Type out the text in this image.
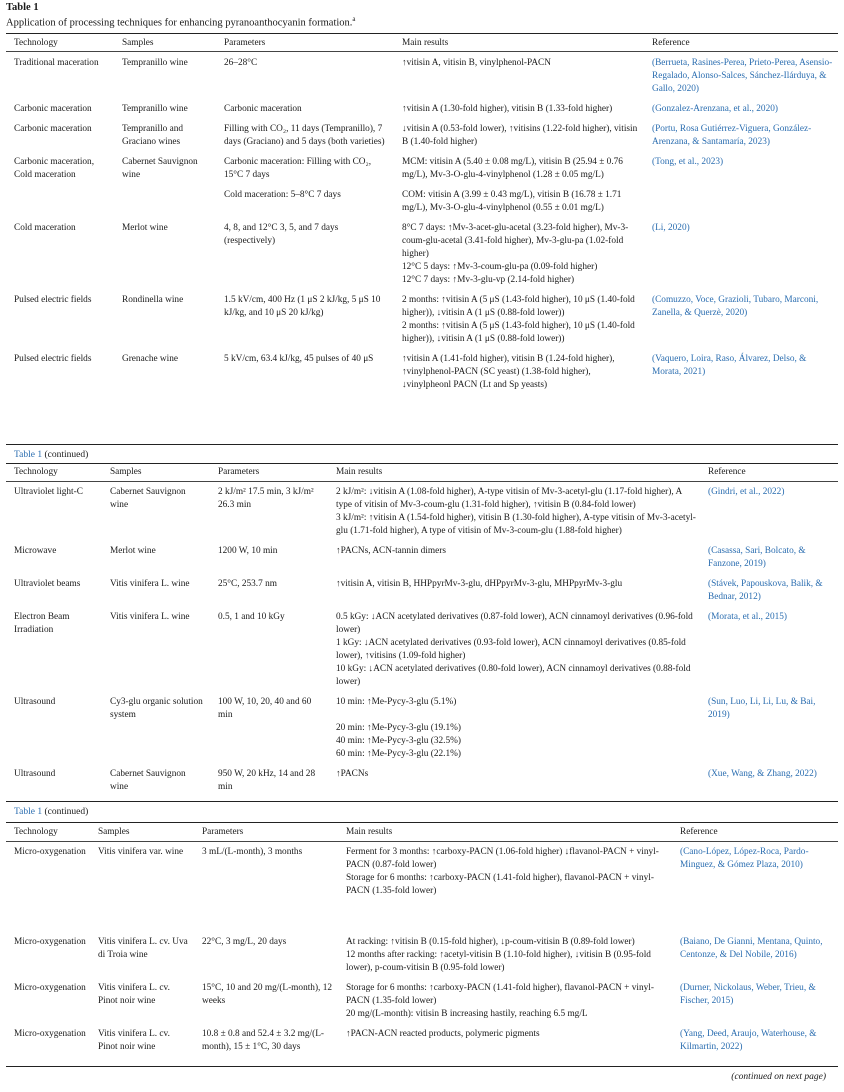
Table 1
Application of processing techniques for enhancing pyranoanthocyanin formation.$^a$
Technology	Samples	Parameters	Main results	Reference
Traditional maceration	Tempranillo wine	26–28°C	↑vitisin A, vitisin B, vinylphenol-PACN	(Berrueta, Rasines-Perea, Prieto-Perea, Asensio-Regalado, Alonso-Salces, Sánchez-Ilárduya, & Gallo, 2020)
Carbonic maceration	Tempranillo wine	Carbonic maceration	↑vitisin A (1.30-fold higher), vitisin B (1.33-fold higher)	(Gonzalez-Arenzana, et al., 2020)
Carbonic maceration	Tempranillo and Graciano wines	Filling with CO₂, 11 days (Tempranillo), 7 days (Graciano) and 5 days (both varieties)	↓vitisin A (0.53-fold lower), ↑vitisins (1.22-fold higher), vitisin B (1.40-fold higher)	(Portu, Rosa Gutiérrez-Viguera, González-Arenzana, & Santamaría, 2023)
Carbonic maceration, Cold maceration	Cabernet Sauvignon wine	Carbonic maceration: Filling with CO₂, 15°C 7 days	MCM: vitisin A (5.40 ± 0.08 mg/L), vitisin B (25.94 ± 0.76 mg/L), Mv-3-O-glu-4-vinylphenol (1.28 ± 0.05 mg/L)	(Tong, et al., 2023)
		Cold maceration: 5–8°C 7 days	COM: vitisin A (3.99 ± 0.43 mg/L), vitisin B (16.78 ± 1.71 mg/L), Mv-3-O-glu-4-vinylphenol (0.55 ± 0.01 mg/L)	

Cold maceration	Merlot wine	4, 8, and 12°C 3, 5, and 7 days (respectively)	8°C 7 days: ↑Mv-3-acet-glu-acetal (3.23-fold higher), Mv-3-coum-glu-acetal (3.41-fold higher), Mv-3-glu-pa (1.02-fold higher)
12°C 5 days: ↑Mv-3-coum-glu-pa (0.09-fold higher)
12°C 7 days: ↑Mv-3-glu-vp (2.14-fold higher)	(Li, 2020)
Pulsed electric fields	Rondinella wine	1.5 kV/cm, 400 Hz (1 μS 2 kJ/kg, 5 μS 10 kJ/kg, and 10 μS 20 kJ/kg)	2 months: ↑vitisin A (5 μS (1.43-fold higher), 10 μS (1.40-fold higher)), ↓vitisin A (1 μS (0.88-fold lower))
2 months: ↑vitisin A (5 μS (1.43-fold higher), 10 μS (1.40-fold higher)), ↓vitisin A (1 μS (0.88-fold lower))	(Comuzzo, Voce, Grazioli, Tubaro, Marconi, Zanella, & Querzè, 2020)
Pulsed electric fields	Grenache wine	5 kV/cm, 63.4 kJ/kg, 45 pulses of 40 μS	↑vitisin A (1.41-fold higher), vitisin B (1.24-fold higher), ↑vinylphenol-PACN (SC yeast) (1.38-fold higher), ↓vinylpheonl PACN (Lt and Sp yeasts)	(Vaquero, Loira, Raso, Álvarez, Delso, & Morata, 2021)
Table 1 (continued)
Technology	Samples	Parameters	Main results	Reference
Ultraviolet light-C	Cabernet Sauvignon wine	2 kJ/m² 17.5 min, 3 kJ/m² 26.3 min	2 kJ/m²: ↓vitisin A (1.08-fold higher), A-type vitisin of Mv-3-acetyl-glu (1.17-fold higher), A type of vitisin of Mv-3-coum-glu (1.31-fold higher), ↑vitisin B (0.84-fold lower)
3 kJ/m²: ↑vitisin A (1.54-fold higher), vitisin B (1.30-fold higher), A-type vitisin of Mv-3-acetyl-glu (1.71-fold higher), A type of vitisin of Mv-3-coum-glu (1.88-fold higher)	(Gindri, et al., 2022)
Microwave	Merlot wine	1200 W, 10 min	↑PACNs, ACN-tannin dimers	(Casassa, Sari, Bolcato, & Fanzone, 2019)
Ultraviolet beams	Vitis vinifera L. wine	25°C, 253.7 nm	↑vitisin A, vitisin B, HHPpyrMv-3-glu, dHPpyrMv-3-glu, MHPpyrMv-3-glu	(Stávek, Papouskova, Balik, & Bednar, 2012)
Electron Beam Irradiation	Vitis vinifera L. wine	0.5, 1 and 10 kGy	0.5 kGy: ↓ACN acetylated derivatives (0.87-fold lower), ACN cinnamoyl derivatives (0.96-fold lower)
1 kGy: ↓ACN acetylated derivatives (0.93-fold lower), ACN cinnamoyl derivatives (0.85-fold lower), ↑vitisins (1.09-fold higher)
10 kGy: ↓ACN acetylated derivatives (0.80-fold lower), ACN cinnamoyl derivatives (0.88-fold lower)	(Morata, et al., 2015)
Ultrasound	Cy3-glu organic solution system	100 W, 10, 20, 40 and 60 min	10 min: ↑Me-Pycy-3-glu (5.1%)

20 min: ↑Me-Pycy-3-glu (19.1%)
40 min: ↑Me-Pycy-3-glu (32.5%)
60 min: ↑Me-Pycy-3-glu (22.1%)	(Sun, Luo, Li, Li, Lu, & Bai, 2019)
Ultrasound	Cabernet Sauvignon wine	950 W, 20 kHz, 14 and 28 min	↑PACNs	(Xue, Wang, & Zhang, 2022)
Table 1 (continued)
Technology	Samples	Parameters	Main results	Reference
Micro-oxygenation	Vitis vinifera var. wine	3 mL/(L-month), 3 months	Ferment for 3 months: ↑carboxy-PACN (1.06-fold higher) ↓flavanol-PACN + vinyl-PACN (0.87-fold lower)
Storage for 6 months: ↑carboxy-PACN (1.41-fold higher), flavanol-PACN + vinyl-PACN (1.35-fold lower)	(Cano-López, López-Roca, Pardo-Minguez, & Gómez Plaza, 2010)
Micro-oxygenation	Vitis vinifera L. cv. Uva di Troia wine	22°C, 3 mg/L, 20 days	At racking: ↑vitisin B (0.15-fold higher), ↓p-coum-vitisin B (0.89-fold lower)
12 months after racking: ↑acetyl-vitisin B (1.10-fold higher), ↓vitisin B (0.95-fold lower), p-coum-vitisin B (0.95-fold lower)	(Baiano, De Gianni, Mentana, Quinto, Centonze, & Del Nobile, 2016)
Micro-oxygenation	Vitis vinifera L. cv. Pinot noir wine	15°C, 10 and 20 mg/(L-month), 12 weeks	Storage for 6 months: ↑carboxy-PACN (1.41-fold higher), flavanol-PACN + vinyl-PACN (1.35-fold lower)
20 mg/(L-month): vitisin B increasing hastily, reaching 6.5 mg/L	(Durner, Nickolaus, Weber, Trieu, & Fischer, 2015)
Micro-oxygenation	Vitis vinifera L. cv. Pinot noir wine	10.8 ± 0.8 and 52.4 ± 3.2 mg/(L-month), 15 ± 1°C, 30 days	↑PACN-ACN reacted products, polymeric pigments	(Yang, Deed, Araujo, Waterhouse, & Kilmartin, 2022)
(continued on next page)
